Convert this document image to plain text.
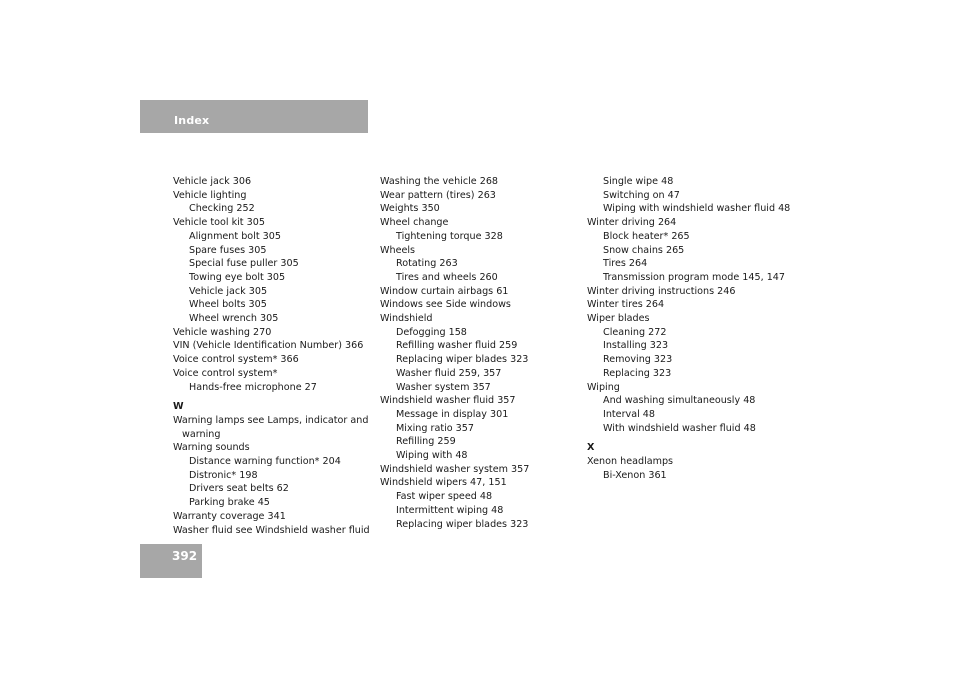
Index
Vehicle jack 306
Vehicle lighting
Checking 252
Vehicle tool kit 305
Alignment bolt 305
Spare fuses 305
Special fuse puller 305
Towing eye bolt 305
Vehicle jack 305
Wheel bolts 305
Wheel wrench 305
Vehicle washing 270
VIN (Vehicle Identification Number) 366
Voice control system* 366
Voice control system*
Hands-free microphone 27
W
Warning lamps see Lamps, indicator and warning
Warning sounds
Distance warning function* 204
Distronic* 198
Drivers seat belts 62
Parking brake 45
Warranty coverage 341
Washer fluid see Windshield washer fluid
Washing the vehicle 268
Wear pattern (tires) 263
Weights 350
Wheel change
Tightening torque 328
Wheels
Rotating 263
Tires and wheels 260
Window curtain airbags 61
Windows see Side windows
Windshield
Defogging 158
Refilling washer fluid 259
Replacing wiper blades 323
Washer fluid 259, 357
Washer system 357
Windshield washer fluid 357
Message in display 301
Mixing ratio 357
Refilling 259
Wiping with 48
Windshield washer system 357
Windshield wipers 47, 151
Fast wiper speed 48
Intermittent wiping 48
Replacing wiper blades 323
Single wipe 48
Switching on 47
Wiping with windshield washer fluid 48
Winter driving 264
Block heater* 265
Snow chains 265
Tires 264
Transmission program mode 145, 147
Winter driving instructions 246
Winter tires 264
Wiper blades
Cleaning 272
Installing 323
Removing 323
Replacing 323
Wiping
And washing simultaneously 48
Interval 48
With windshield washer fluid 48
X
Xenon headlamps
Bi-Xenon 361
392
